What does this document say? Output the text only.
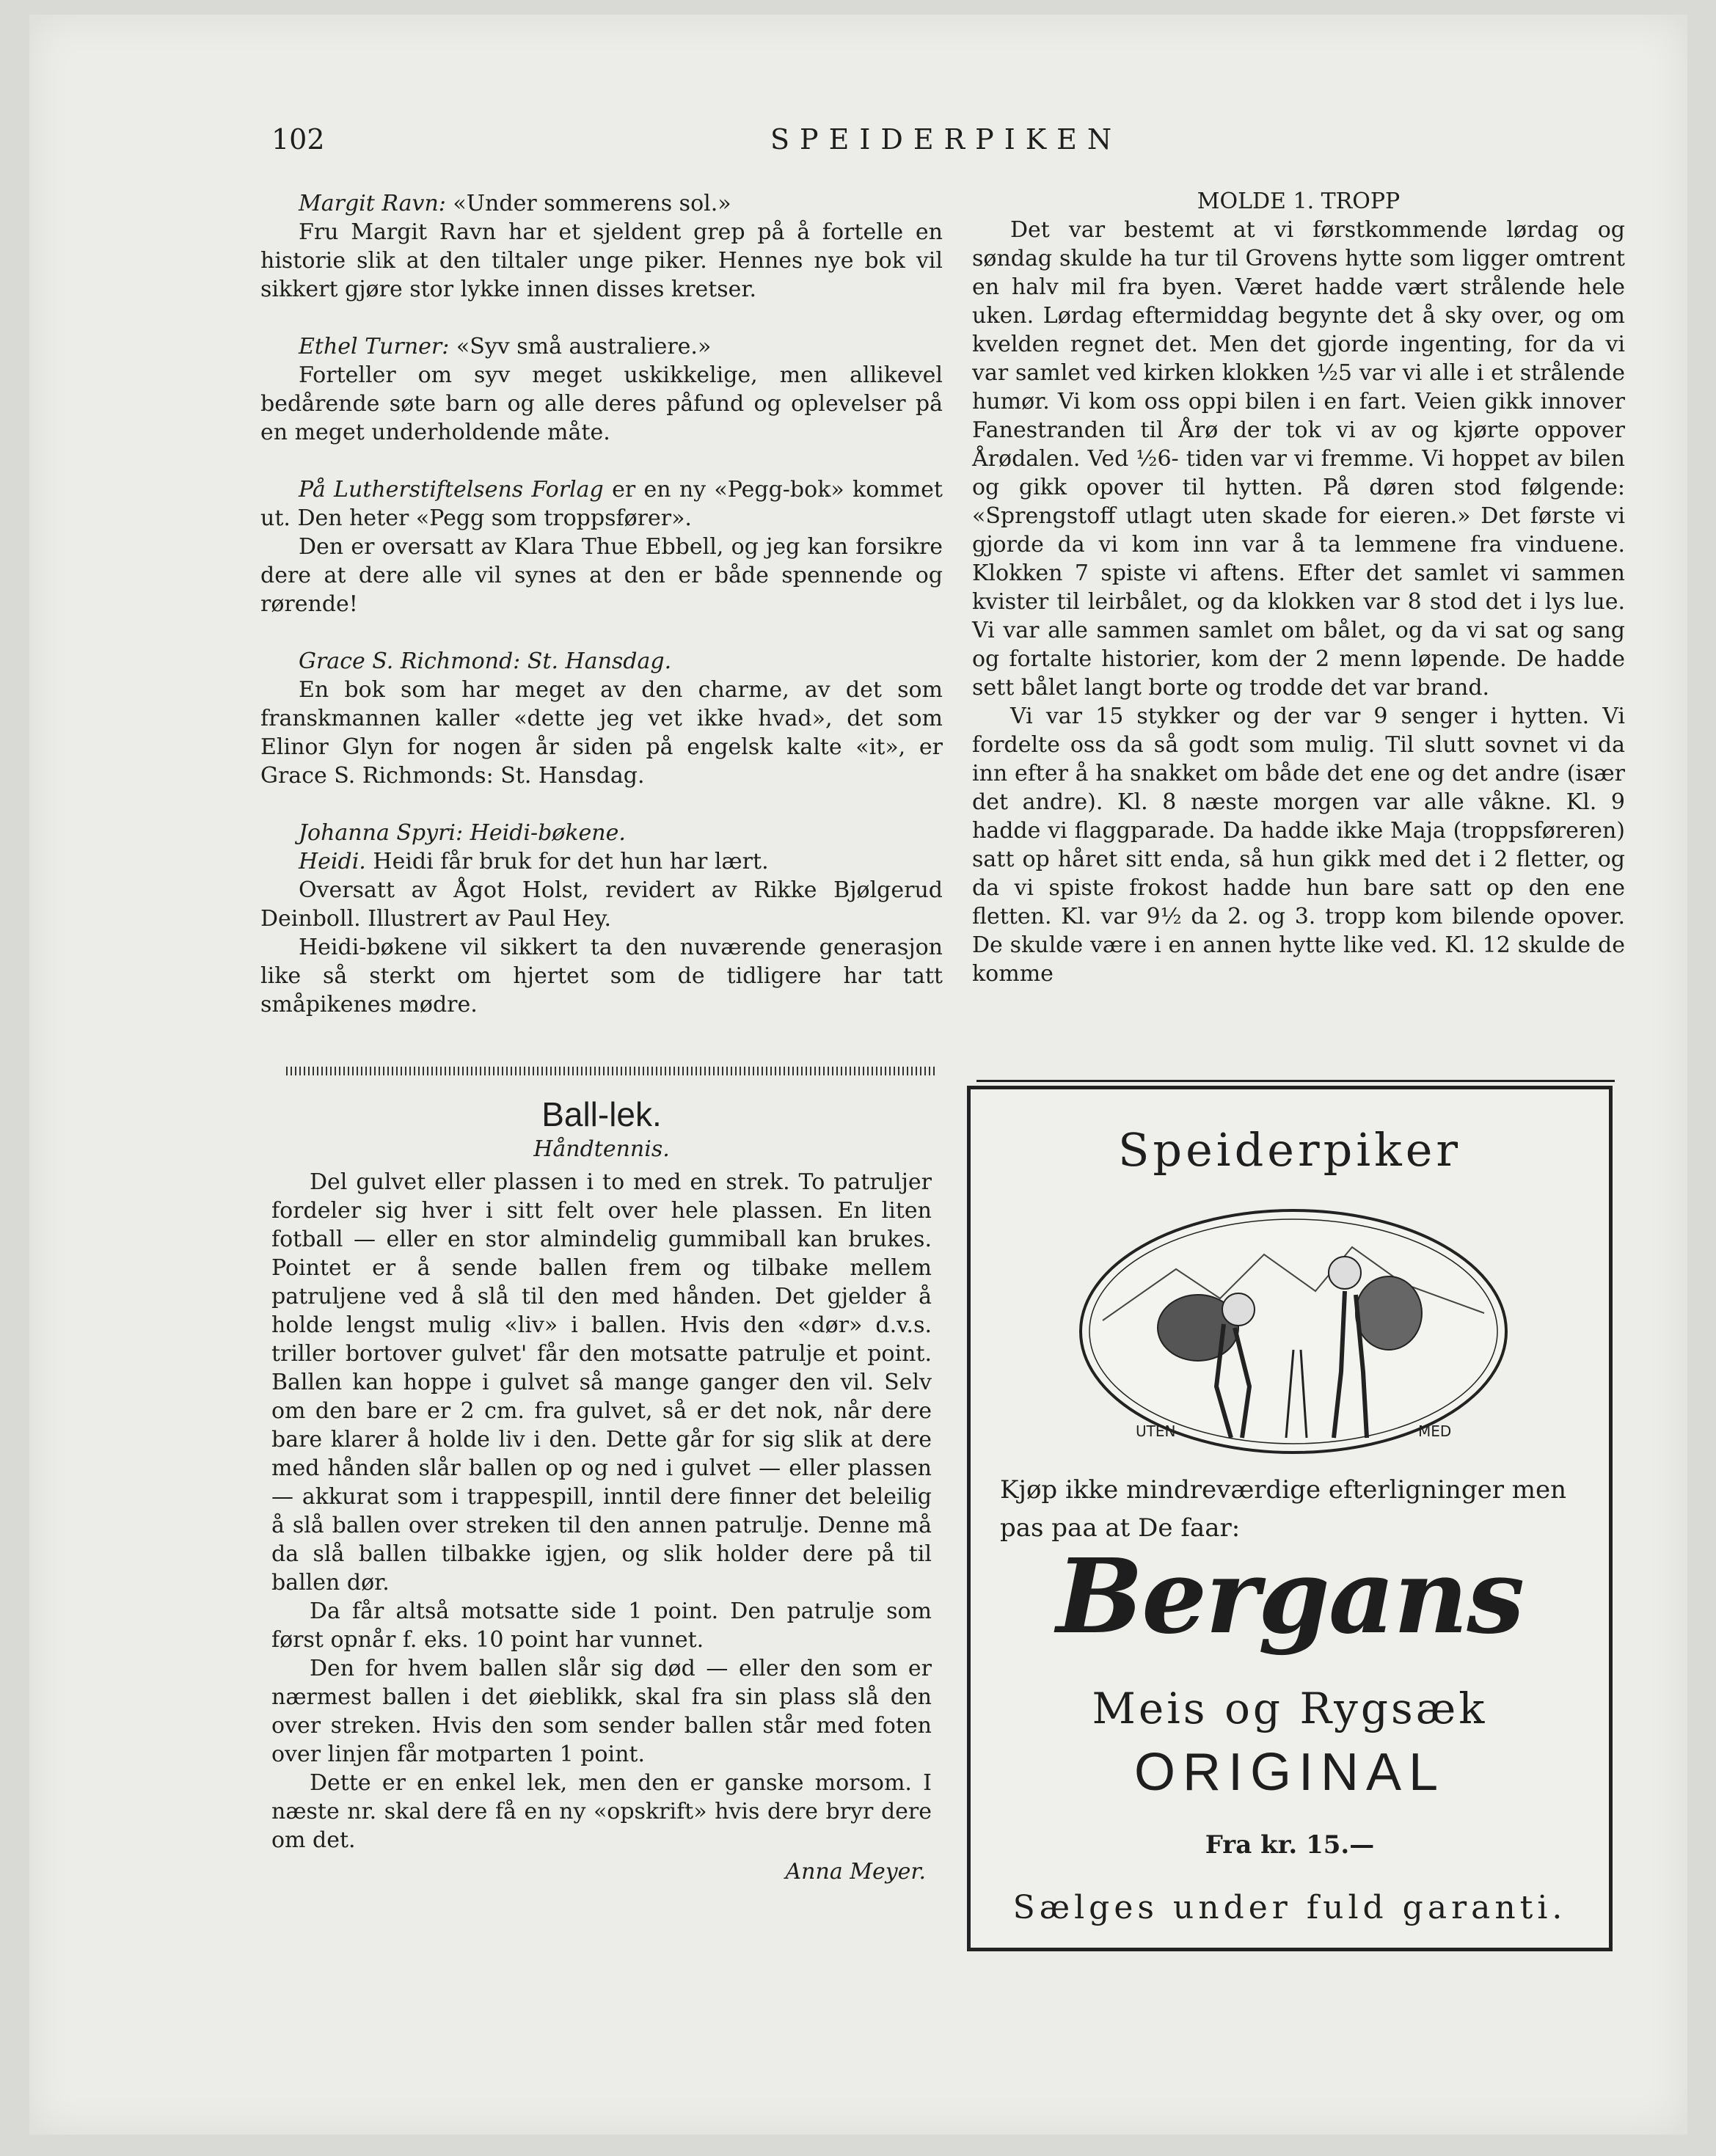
102	SPEIDERPIKEN

Margit Ravn: «Under sommerens sol.»

Fru Margit Ravn har et sjeldent grep på å fortelle en historie slik at den tiltaler unge piker. Hennes nye bok vil sikkert gjøre stor lykke innen disses kretser.

Ethel Turner: «Syv små australiere.»

Forteller om syv meget uskikkelige, men allikevel bedårende søte barn og alle deres påfund og oplevelser på en meget underholdende måte.

På Lutherstiftelsens Forlag er en ny «Pegg-bok» kommet ut. Den heter «Pegg som troppsfører».

Den er oversatt av Klara Thue Ebbell, og jeg kan forsikre dere at dere alle vil synes at den er både spennende og rørende!

Grace S. Richmond: St. Hansdag.

En bok som har meget av den charme, av det som franskmannen kaller «dette jeg vet ikke hvad», det som Elinor Glyn for nogen år siden på engelsk kalte «it», er Grace S. Richmonds: St. Hansdag.

Johanna Spyri: Heidi-bøkene.

Heidi. Heidi får bruk for det hun har lært.

Oversatt av Ågot Holst, revidert av Rikke Bjølgerud Deinboll. Illustrert av Paul Hey.

Heidi-bøkene vil sikkert ta den nuværende generasjon like så sterkt om hjertet som de tidligere har tatt småpikenes mødre.

Ball-lek.

Håndtennis.

Del gulvet eller plassen i to med en strek. To patruljer fordeler sig hver i sitt felt over hele plassen. En liten fotball — eller en stor almindelig gummiball kan brukes. Pointet er å sende ballen frem og tilbake mellem patruljene ved å slå til den med hånden. Det gjelder å holde lengst mulig «liv» i ballen. Hvis den «dør» d.v.s. triller bortover gulvet' får den motsatte patrulje et point. Ballen kan hoppe i gulvet så mange ganger den vil. Selv om den bare er 2 cm. fra gulvet, så er det nok, når dere bare klarer å holde liv i den. Dette går for sig slik at dere med hånden slår ballen op og ned i gulvet — eller plassen — akkurat som i trappespill, inntil dere finner det beleilig å slå ballen over streken til den annen patrulje. Denne må da slå ballen tilbakke igjen, og slik holder dere på til ballen dør.

Da får altså motsatte side 1 point. Den patrulje som først opnår f. eks. 10 point har vunnet.

Den for hvem ballen slår sig død — eller den som er nærmest ballen i det øieblikk, skal fra sin plass slå den over streken. Hvis den som sender ballen står med foten over linjen får motparten 1 point.

Dette er en enkel lek, men den er ganske morsom. I næste nr. skal dere få en ny «opskrift» hvis dere bryr dere om det.

Anna Meyer.

MOLDE 1. TROPP

Det var bestemt at vi førstkommende lørdag og søndag skulde ha tur til Grovens hytte som ligger omtrent en halv mil fra byen. Været hadde vært strålende hele uken. Lørdag eftermiddag begynte det å sky over, og om kvelden regnet det. Men det gjorde ingenting, for da vi var samlet ved kirken klokken ½5 var vi alle i et strålende humør. Vi kom oss oppi bilen i en fart. Veien gikk innover Fanestranden til Årø der tok vi av og kjørte oppover Årødalen. Ved ½6- tiden var vi fremme. Vi hoppet av bilen og gikk opover til hytten. På døren stod følgende: «Sprengstoff utlagt uten skade for eieren.» Det første vi gjorde da vi kom inn var å ta lemmene fra vinduene. Klokken 7 spiste vi aftens. Efter det samlet vi sammen kvister til leirbålet, og da klokken var 8 stod det i lys lue. Vi var alle sammen samlet om bålet, og da vi sat og sang og fortalte historier, kom der 2 menn løpende. De hadde sett bålet langt borte og trodde det var brand.

Vi var 15 stykker og der var 9 senger i hytten. Vi fordelte oss da så godt som mulig. Til slutt sovnet vi da inn efter å ha snakket om både det ene og det andre (især det andre). Kl. 8 næste morgen var alle våkne. Kl. 9 hadde vi flaggparade. Da hadde ikke Maja (troppsføreren) satt op håret sitt enda, så hun gikk med det i 2 fletter, og da vi spiste frokost hadde hun bare satt op den ene fletten. Kl. var 9½ da 2. og 3. tropp kom bilende opover. De skulde være i en annen hytte like ved. Kl. 12 skulde de komme

Speiderpiker
UTEN	MED
Kjøp ikke mindreværdige efterligninger men pas paa at De faar:
Bergans
Meis og Rygsæk
ORIGINAL
Fra kr. 15.—
Sælges under fuld garanti.
